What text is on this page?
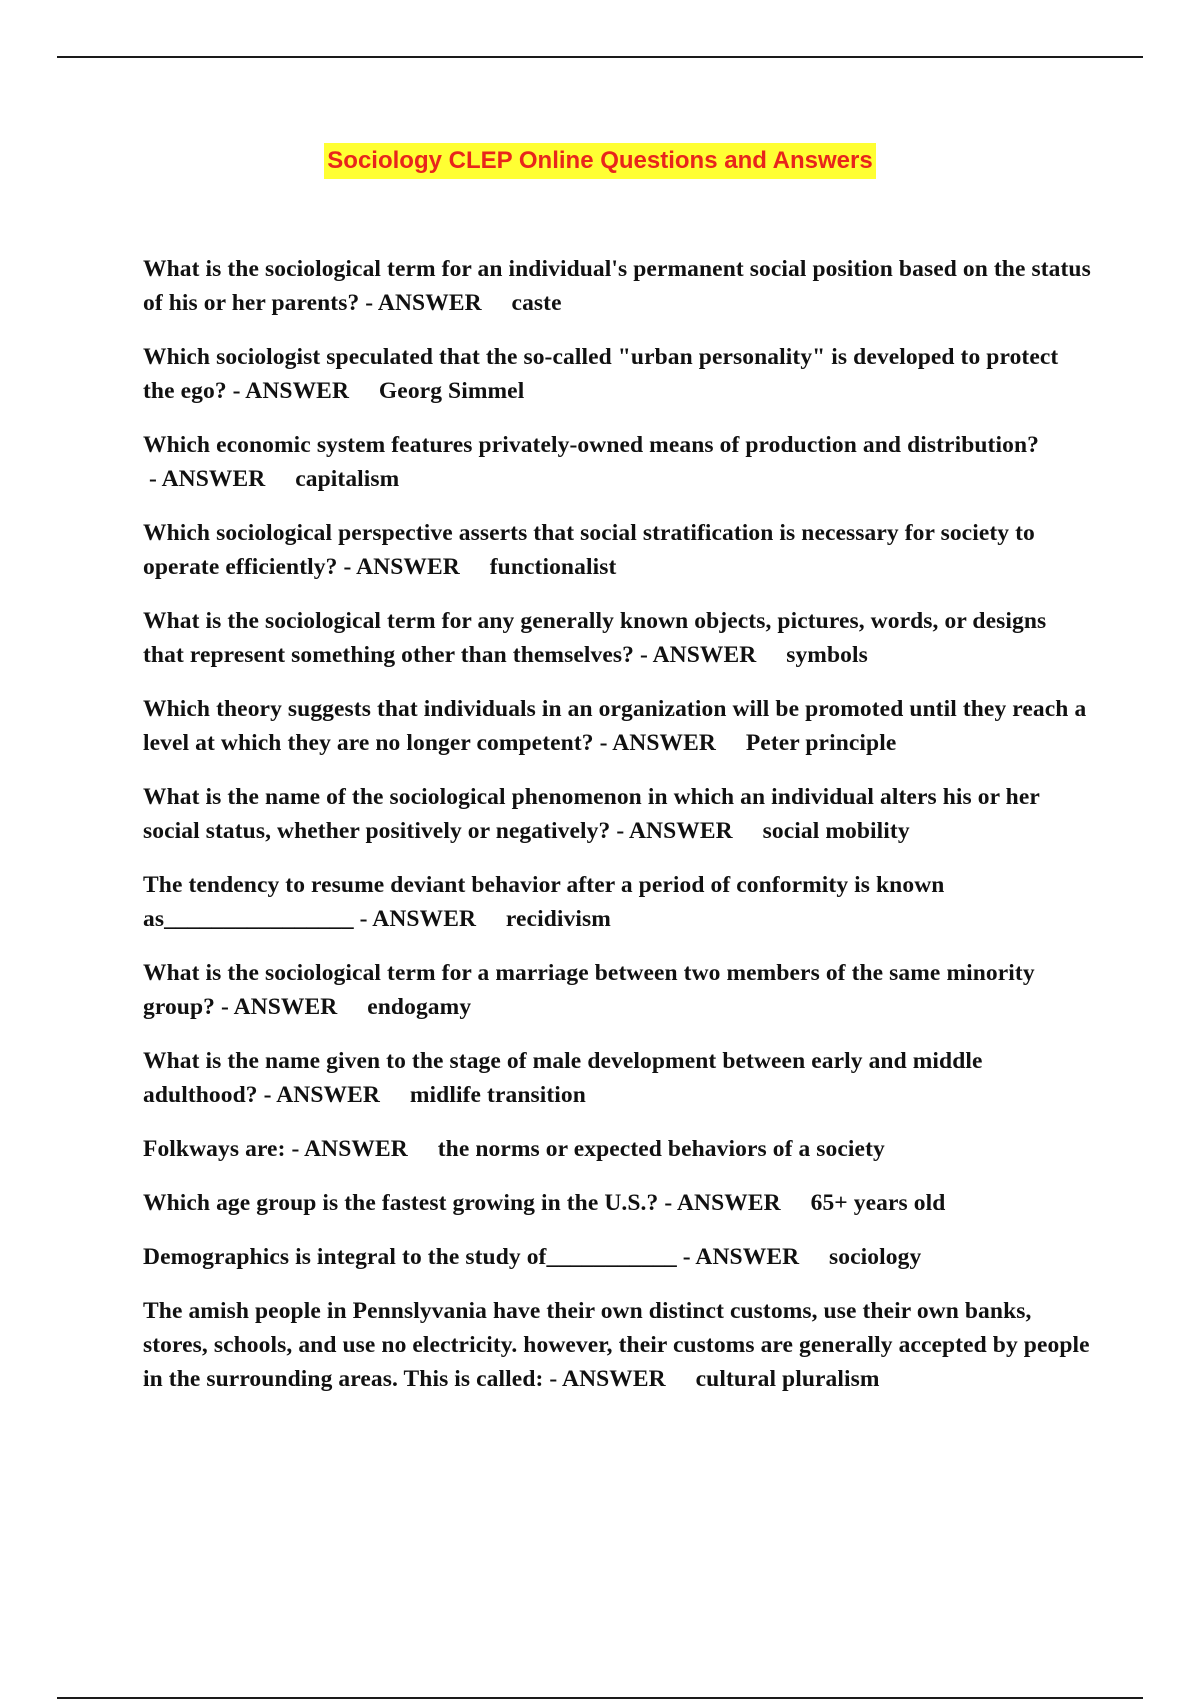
Sociology CLEP Online Questions and Answers

What is the sociological term for an individual's permanent social position based on the status of his or her parents? - ANSWER     caste

Which sociologist speculated that the so-called "urban personality" is developed to protect the ego? - ANSWER     Georg Simmel

Which economic system features privately-owned means of production and distribution? - ANSWER     capitalism

Which sociological perspective asserts that social stratification is necessary for society to operate efficiently? - ANSWER     functionalist

What is the sociological term for any generally known objects, pictures, words, or designs that represent something other than themselves? - ANSWER     symbols

Which theory suggests that individuals in an organization will be promoted until they reach a level at which they are no longer competent? - ANSWER     Peter principle

What is the name of the sociological phenomenon in which an individual alters his or her social status, whether positively or negatively? - ANSWER     social mobility

The tendency to resume deviant behavior after a period of conformity is known as________________ - ANSWER     recidivism

What is the sociological term for a marriage between two members of the same minority group? - ANSWER     endogamy

What is the name given to the stage of male development between early and middle adulthood? - ANSWER     midlife transition

Folkways are: - ANSWER     the norms or expected behaviors of a society

Which age group is the fastest growing in the U.S.? - ANSWER     65+ years old

Demographics is integral to the study of___________ - ANSWER     sociology

The amish people in Pennslyvania have their own distinct customs, use their own banks, stores, schools, and use no electricity. however, their customs are generally accepted by people in the surrounding areas. This is called: - ANSWER     cultural pluralism
